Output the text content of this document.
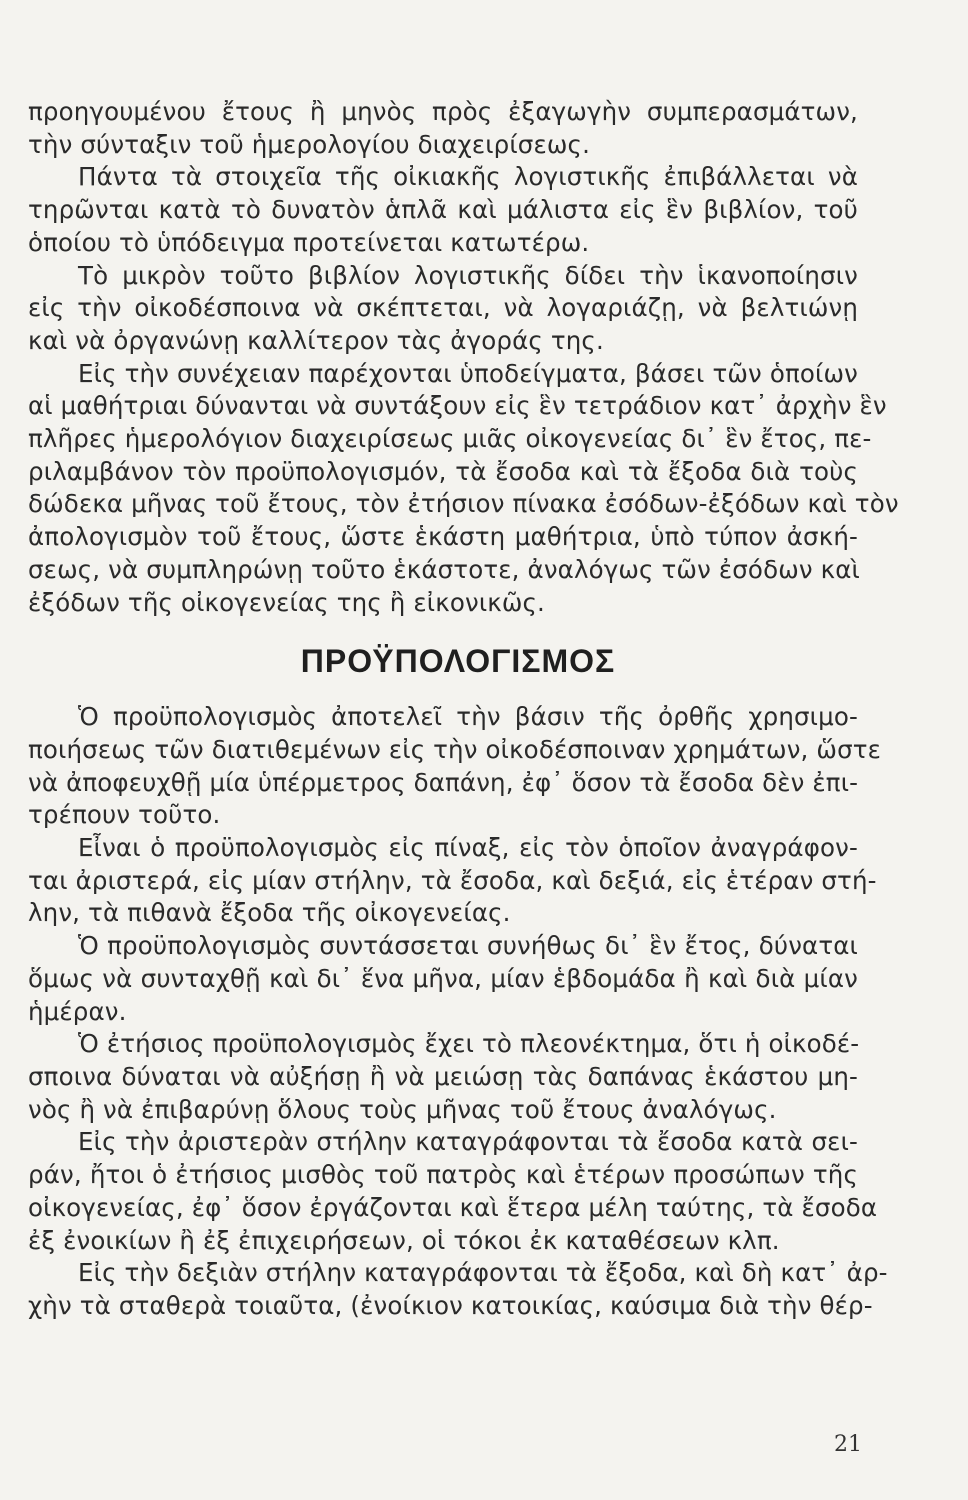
προηγουμένου ἔτους ἢ μηνὸς πρὸς ἐξαγωγὴν συμπερασμάτων,
τὴν σύνταξιν τοῦ ἡμερολογίου διαχειρίσεως.
Πάντα τὰ στοιχεῖα τῆς οἰκιακῆς λογιστικῆς ἐπιβάλλεται νὰ
τηρῶνται κατὰ τὸ δυνατὸν ἁπλᾶ καὶ μάλιστα εἰς ἓν βιβλίον, τοῦ
ὁποίου τὸ ὑπόδειγμα προτείνεται κατωτέρω.
Τὸ μικρὸν τοῦτο βιβλίον λογιστικῆς δίδει τὴν ἱκανοποίησιν
εἰς τὴν οἰκοδέσποινα νὰ σκέπτεται, νὰ λογαριάζῃ, νὰ βελτιώνῃ
καὶ νὰ ὀργανώνῃ καλλίτερον τὰς ἀγοράς της.
Εἰς τὴν συνέχειαν παρέχονται ὑποδείγματα, βάσει τῶν ὁποίων
αἱ μαθήτριαι δύνανται νὰ συντάξουν εἰς ἓν τετράδιον κατ᾽ ἀρχὴν ἓν
πλῆρες ἡμερολόγιον διαχειρίσεως μιᾶς οἰκογενείας δι᾽ ἓν ἔτος, πε-
ριλαμβάνον τὸν προϋπολογισμόν, τὰ ἔσοδα καὶ τὰ ἔξοδα διὰ τοὺς
δώδεκα μῆνας τοῦ ἔτους, τὸν ἐτήσιον πίνακα ἐσόδων-ἐξόδων καὶ τὸν
ἀπολογισμὸν τοῦ ἔτους, ὥστε ἑκάστη μαθήτρια, ὑπὸ τύπον ἀσκή-
σεως, νὰ συμπληρώνῃ τοῦτο ἑκάστοτε, ἀναλόγως τῶν ἐσόδων καὶ
ἐξόδων τῆς οἰκογενείας της ἢ εἰκονικῶς.
ΠΡΟΫΠΟΛΟΓΙΣΜΟΣ
Ὁ προϋπολογισμὸς ἀποτελεῖ τὴν βάσιν τῆς ὀρθῆς χρησιμο-
ποιήσεως τῶν διατιθεμένων εἰς τὴν οἰκοδέσποιναν χρημάτων, ὥστε
νὰ ἀποφευχθῇ μία ὑπέρμετρος δαπάνη, ἐφ᾽ ὅσον τὰ ἔσοδα δὲν ἐπι-
τρέπουν τοῦτο.
Εἶναι ὁ προϋπολογισμὸς εἰς πίναξ, εἰς τὸν ὁποῖον ἀναγράφον-
ται ἀριστερά, εἰς μίαν στήλην, τὰ ἔσοδα, καὶ δεξιά, εἰς ἑτέραν στή-
λην, τὰ πιθανὰ ἔξοδα τῆς οἰκογενείας.
Ὁ προϋπολογισμὸς συντάσσεται συνήθως δι᾽ ἓν ἔτος, δύναται
ὅμως νὰ συνταχθῇ καὶ δι᾽ ἕνα μῆνα, μίαν ἑβδομάδα ἢ καὶ διὰ μίαν
ἡμέραν.
Ὁ ἐτήσιος προϋπολογισμὸς ἔχει τὸ πλεονέκτημα, ὅτι ἡ οἰκοδέ-
σποινα δύναται νὰ αὐξήσῃ ἢ νὰ μειώσῃ τὰς δαπάνας ἑκάστου μη-
νὸς ἢ νὰ ἐπιβαρύνῃ ὅλους τοὺς μῆνας τοῦ ἔτους ἀναλόγως.
Εἰς τὴν ἀριστερὰν στήλην καταγράφονται τὰ ἔσοδα κατὰ σει-
ράν, ἤτοι ὁ ἐτήσιος μισθὸς τοῦ πατρὸς καὶ ἑτέρων προσώπων τῆς
οἰκογενείας, ἐφ᾽ ὅσον ἐργάζονται καὶ ἕτερα μέλη ταύτης, τὰ ἔσοδα
ἐξ ἐνοικίων ἢ ἐξ ἐπιχειρήσεων, οἱ τόκοι ἐκ καταθέσεων κλπ.
Εἰς τὴν δεξιὰν στήλην καταγράφονται τὰ ἔξοδα, καὶ δὴ κατ᾽ ἀρ-
χὴν τὰ σταθερὰ τοιαῦτα, (ἐνοίκιον κατοικίας, καύσιμα διὰ τὴν θέρ-
21
